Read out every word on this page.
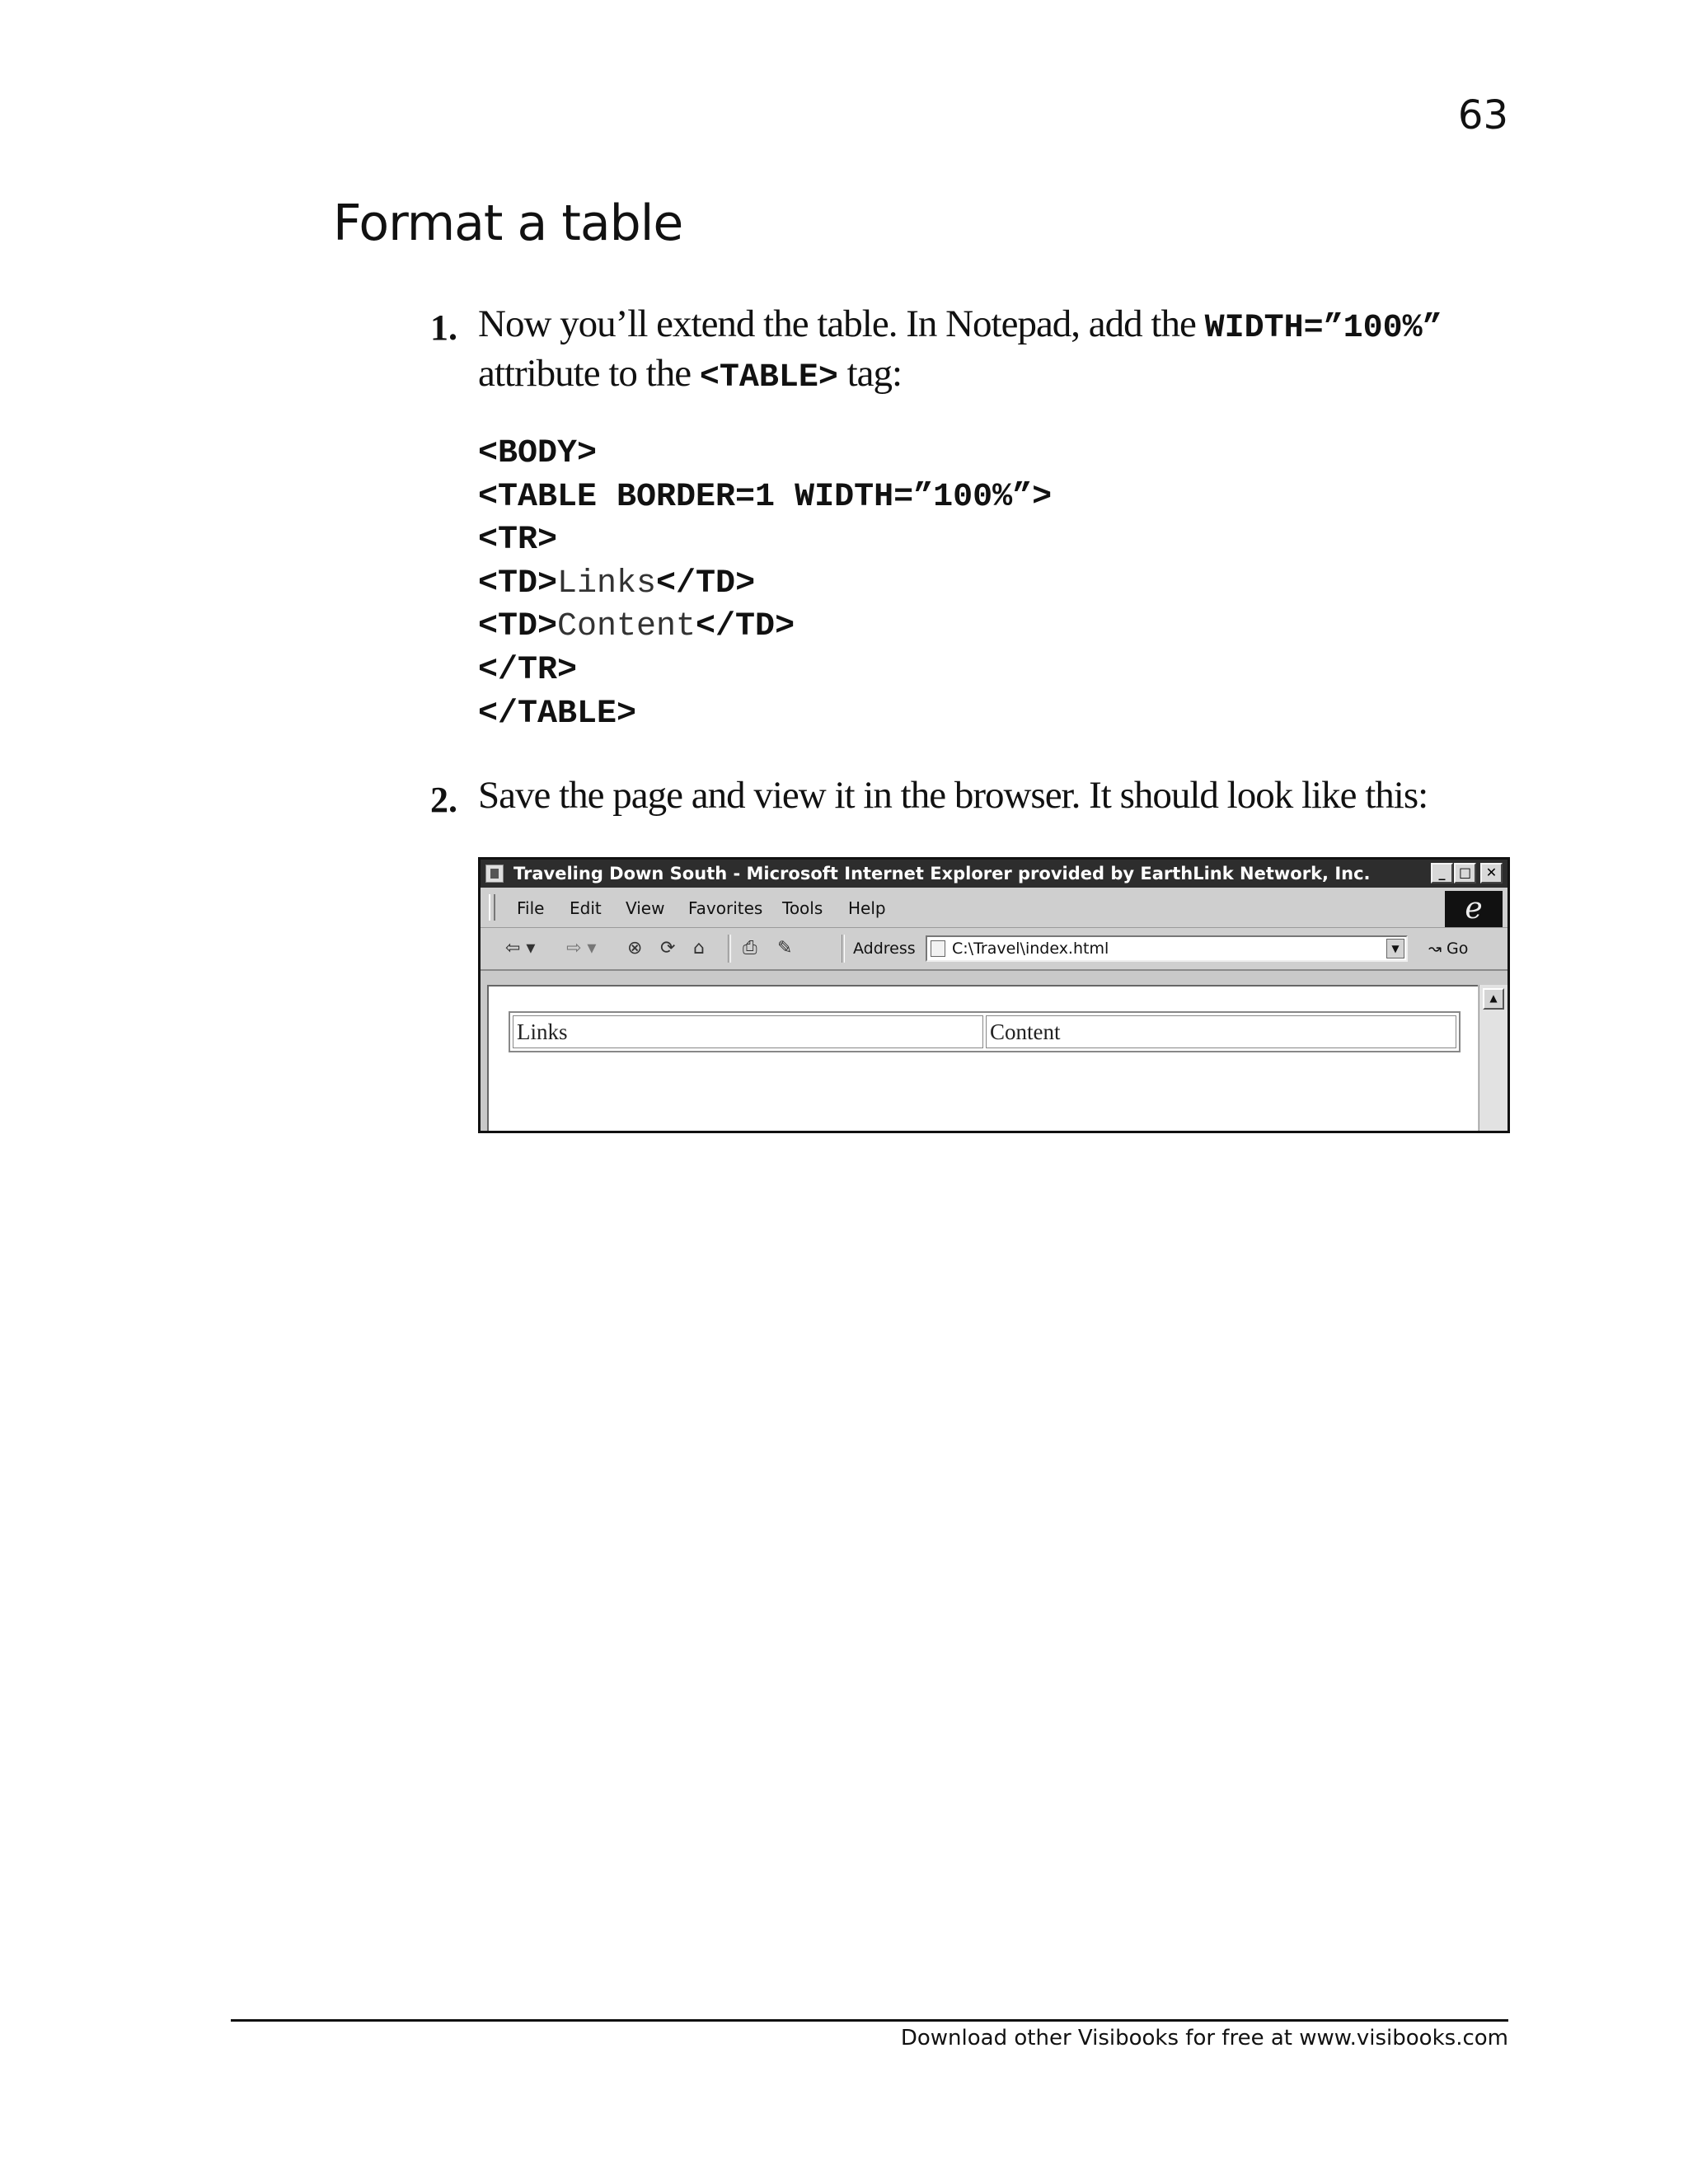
63
Format a table
1. Now you’ll extend the table. In Notepad, add the WIDTH=”100%”
attribute to the <TABLE> tag:
<BODY>
<TABLE BORDER=1 WIDTH=”100%”>
<TR>
<TD>Links</TD>
<TD>Content</TD>
</TR>
</TABLE>
2. Save the page and view it in the browser. It should look like this:
Traveling Down South - Microsoft Internet Explorer provided by EarthLink Network, Inc.	_	□	✕
File Edit View Favorites Tools Help	e
⇦ ▾ ⇨ ▾ ⊗ ⟳ ⌂ ⎙ ✎	Address C:\Travel\index.html	▼	↝ Go
Links	Content
▲
Download other Visibooks for free at www.visibooks.com
